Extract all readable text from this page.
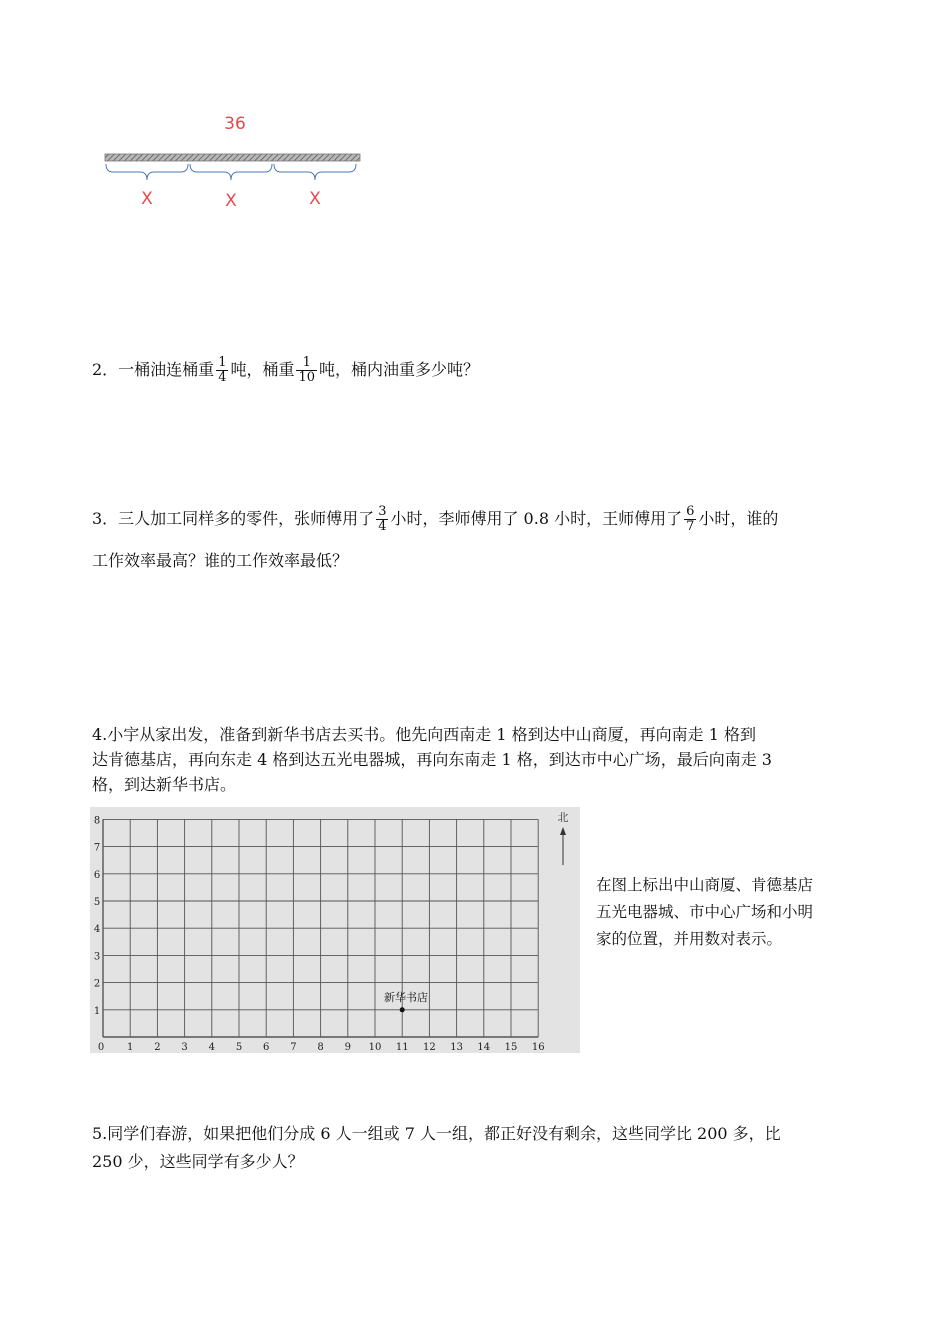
36
X	X	X
2．一桶油连桶重 $\frac{1}{4}$ 吨，桶重 $\frac{1}{10}$ 吨，桶内油重多少吨？
3．三人加工同样多的零件，张师傅用了 $\frac{3}{4}$ 小时，李师傅用了 0.8 小时，王师傅用了 $\frac{6}{7}$ 小时，谁的
工作效率最高？谁的工作效率最低？
4.小宇从家出发，准备到新华书店去买书。他先向西南走 1 格到达中山商厦，再向南走 1 格到
达肯德基店，再向东走 4 格到达五光电器城，再向东南走 1 格，到达市中心广场，最后向南走 3
格，到达新华书店。
0 1 2 3 4 5 6 7 8 9 10 11 12 13 14 15 16
1
2
3
4
5
6
7
8	北
新华书店
在图上标出中山商厦、肯德基店
五光电器城、市中心广场和小明
家的位置，并用数对表示。
5.同学们春游，如果把他们分成 6 人一组或 7 人一组，都正好没有剩余，这些同学比 200 多，比
250 少，这些同学有多少人？
